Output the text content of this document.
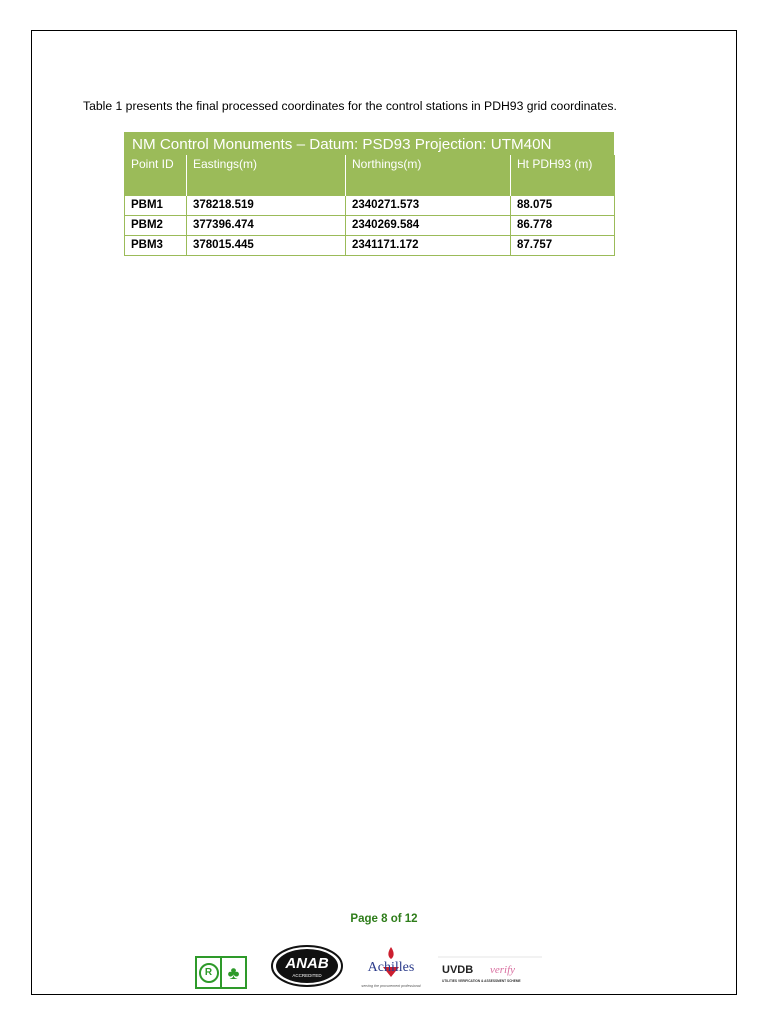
Table 1 presents the final processed coordinates for the control stations in PDH93 grid coordinates.
NM Control Monuments – Datum: PSD93 Projection: UTM40N
Point ID	Eastings(m)	Northings(m)	Ht PDH93 (m)
PBM1	378218.519	2340271.573	88.075
PBM2	377396.474	2340269.584	86.778
PBM3	378015.445	2341171.172	87.757
Page 8 of 12
R ♣	ANAB
ACCREDITED
Achilles
serving the procurement professional
UVDB verify
UTILITIES VERIFICATION & ASSESSMENT SCHEME
